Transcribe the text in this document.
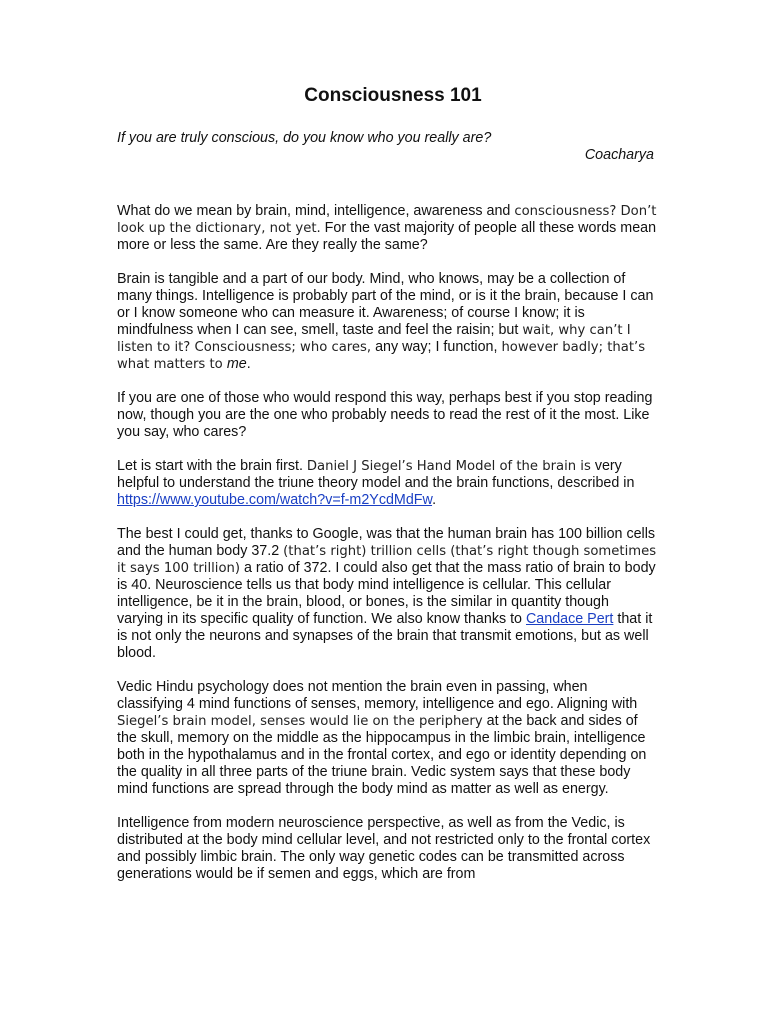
Consciousness 101

If you are truly conscious, do you know who you really are?

Coacharya

What do we mean by brain, mind, intelligence, awareness and consciousness? Don’t look up the dictionary, not yet. For the vast majority of people all these words mean more or less the same. Are they really the same?

Brain is tangible and a part of our body. Mind, who knows, may be a collection of many things. Intelligence is probably part of the mind, or is it the brain, because I can or I know someone who can measure it. Awareness; of course I know; it is mindfulness when I can see, smell, taste and feel the raisin; but wait, why can’t I listen to it? Consciousness; who cares, any way; I function, however badly; that’s what matters to me.

If you are one of those who would respond this way, perhaps best if you stop reading now, though you are the one who probably needs to read the rest of it the most. Like you say, who cares?

Let is start with the brain first. Daniel J Siegel’s Hand Model of the brain is very helpful to understand the triune theory model and the brain functions, described in https://www.youtube.com/watch?v=f-m2YcdMdFw.

The best I could get, thanks to Google, was that the human brain has 100 billion cells and the human body 37.2 (that’s right) trillion cells (that’s right though sometimes it says 100 trillion) a ratio of 372. I could also get that the mass ratio of brain to body is 40. Neuroscience tells us that body mind intelligence is cellular. This cellular intelligence, be it in the brain, blood, or bones, is the similar in quantity though varying in its specific quality of function. We also know thanks to Candace Pert that it is not only the neurons and synapses of the brain that transmit emotions, but as well blood.

Vedic Hindu psychology does not mention the brain even in passing, when classifying 4 mind functions of senses, memory, intelligence and ego. Aligning with Siegel’s brain model, senses would lie on the periphery at the back and sides of the skull, memory on the middle as the hippocampus in the limbic brain, intelligence both in the hypothalamus and in the frontal cortex, and ego or identity depending on the quality in all three parts of the triune brain. Vedic system says that these body mind functions are spread through the body mind as matter as well as energy.

Intelligence from modern neuroscience perspective, as well as from the Vedic, is distributed at the body mind cellular level, and not restricted only to the frontal cortex and possibly limbic brain. The only way genetic codes can be transmitted across generations would be if semen and eggs, which are from
